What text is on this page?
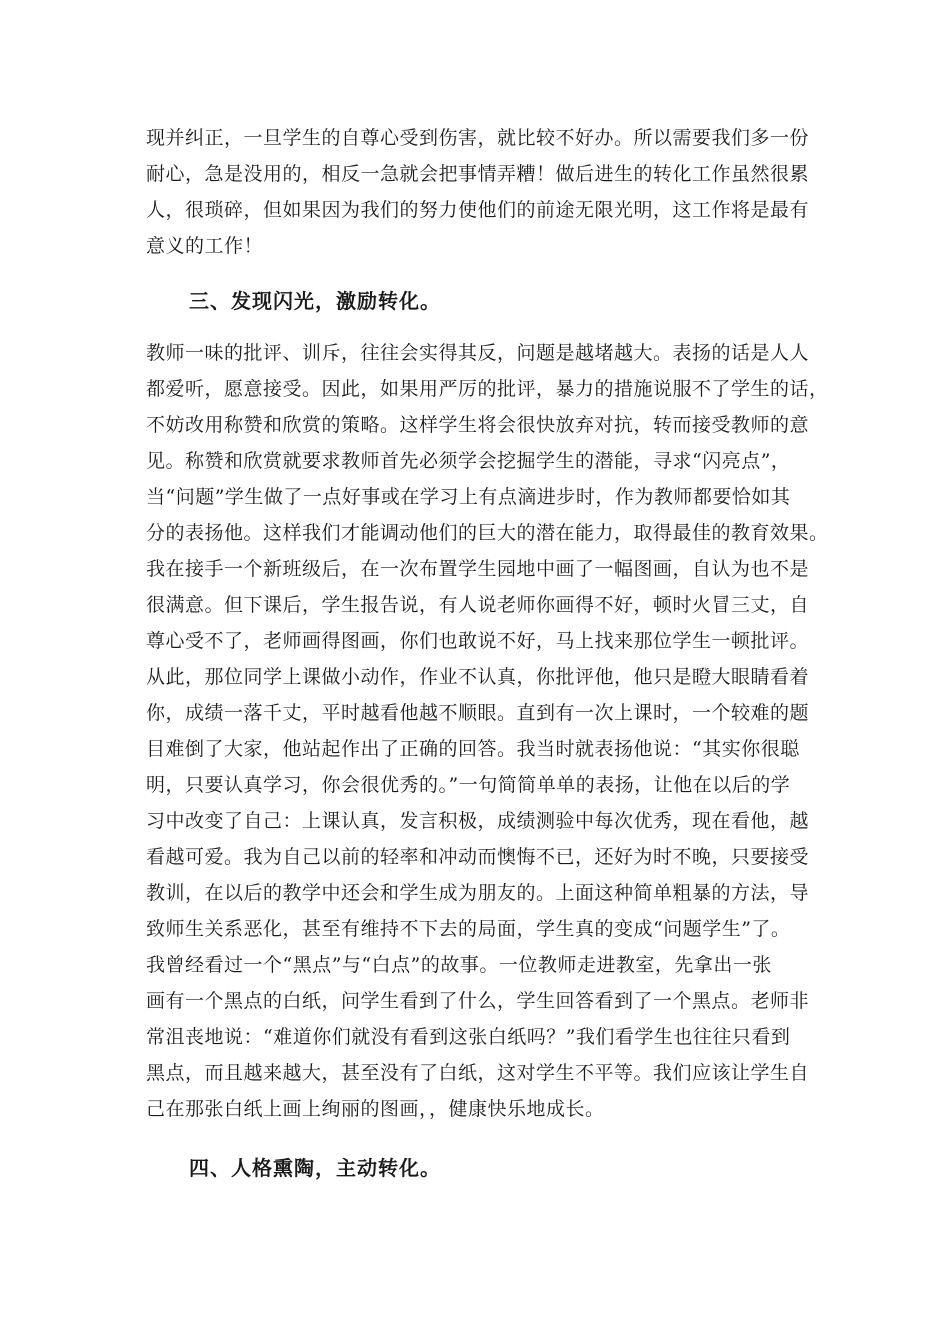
现并纠正，一旦学生的自尊心受到伤害，就比较不好办。所以需要我们多一份
耐心，急是没用的，相反一急就会把事情弄糟！做后进生的转化工作虽然很累
人，很琐碎，但如果因为我们的努力使他们的前途无限光明，这工作将是最有
意义的工作！
三、发现闪光，激励转化。
教师一味的批评、训斥，往往会实得其反，问题是越堵越大。表扬的话是人人
都爱听，愿意接受。因此，如果用严厉的批评，暴力的措施说服不了学生的话，
不妨改用称赞和欣赏的策略。这样学生将会很快放弃对抗，转而接受教师的意
见。称赞和欣赏就要求教师首先必须学会挖掘学生的潜能，寻求“闪亮点”，
当“问题”学生做了一点好事或在学习上有点滴进步时，作为教师都要恰如其
分的表扬他。这样我们才能调动他们的巨大的潜在能力，取得最佳的教育效果。
我在接手一个新班级后，在一次布置学生园地中画了一幅图画，自认为也不是
很满意。但下课后，学生报告说，有人说老师你画得不好，顿时火冒三丈，自
尊心受不了，老师画得图画，你们也敢说不好，马上找来那位学生一顿批评。
从此，那位同学上课做小动作，作业不认真，你批评他，他只是瞪大眼睛看着
你，成绩一落千丈，平时越看他越不顺眼。直到有一次上课时，一个较难的题
目难倒了大家，他站起作出了正确的回答。我当时就表扬他说：“其实你很聪
明，只要认真学习，你会很优秀的。”一句简简单单的表扬，让他在以后的学
习中改变了自己：上课认真，发言积极，成绩测验中每次优秀，现在看他，越
看越可爱。我为自己以前的轻率和冲动而懊悔不已，还好为时不晚，只要接受
教训，在以后的教学中还会和学生成为朋友的。上面这种简单粗暴的方法，导
致师生关系恶化，甚至有维持不下去的局面，学生真的变成“问题学生”了。
我曾经看过一个“黑点”与“白点”的故事。一位教师走进教室，先拿出一张
画有一个黑点的白纸，问学生看到了什么，学生回答看到了一个黑点。老师非
常沮丧地说：“难道你们就没有看到这张白纸吗？”我们看学生也往往只看到
黑点，而且越来越大，甚至没有了白纸，这对学生不平等。我们应该让学生自
己在那张白纸上画上绚丽的图画，，健康快乐地成长。
四、人格熏陶，主动转化。
